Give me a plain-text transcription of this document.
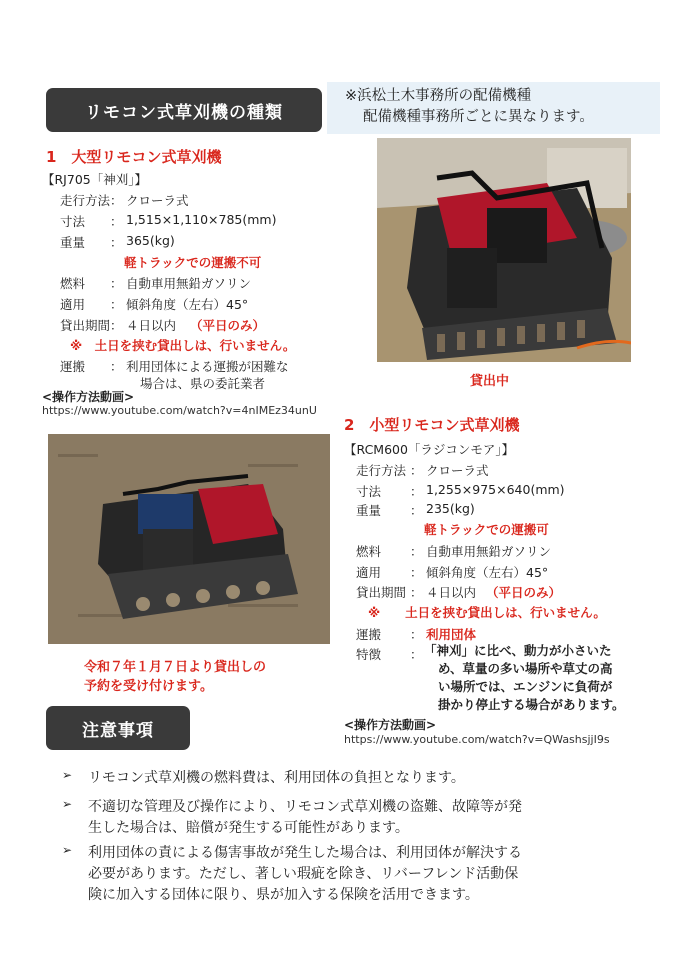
リモコン式草刈機の種類
※浜松土木事務所の配備機種
配備機種事務所ごとに異なります。
1　大型リモコン式草刈機
【RJ705「神刈」】
走行方法 ： クローラ式
寸法 ： 1,515×1,110×785(mm)
重量 ： 365(kg)
軽トラックでの運搬不可
燃料 ： 自動車用無鉛ガソリン
適用 ： 傾斜角度（左右）45°
貸出期間 ： ４日以内 （平日のみ）
※　土日を挟む貸出しは、行いません。
運搬 ： 利用団体による運搬が困難な
場合は、県の委託業者
<操作方法動画>
https://www.youtube.com/watch?v=4nIMEz34unU
貸出中
令和７年１月７日より貸出しの
予約を受け付けます。
2　小型リモコン式草刈機
【RCM600「ラジコンモア」】
走行方法 ： クローラ式
寸法 ： 1,255×975×640(mm)
重量 ： 235(kg)
軽トラックでの運搬可
燃料 ： 自動車用無鉛ガソリン
適用 ： 傾斜角度（左右）45°
貸出期間 ： ４日以内 （平日のみ）
※　　土日を挟む貸出しは、行いません。
運搬 ： 利用団体
特徴 ： 「神刈」に比べ、動力が小さいた
め、草量の多い場所や草丈の高
い場所では、エンジンに負荷が
掛かり停止する場合があります。
<操作方法動画>
https://www.youtube.com/watch?v=QWashsjjI9s
注意事項
➢ リモコン式草刈機の燃料費は、利用団体の負担となります。
➢ 不適切な管理及び操作により、リモコン式草刈機の盗難、故障等が発
生した場合は、賠償が発生する可能性があります。
➢ 利用団体の責による傷害事故が発生した場合は、利用団体が解決する
必要があります。ただし、著しい瑕疵を除き、リバーフレンド活動保
険に加入する団体に限り、県が加入する保険を活用できます。
